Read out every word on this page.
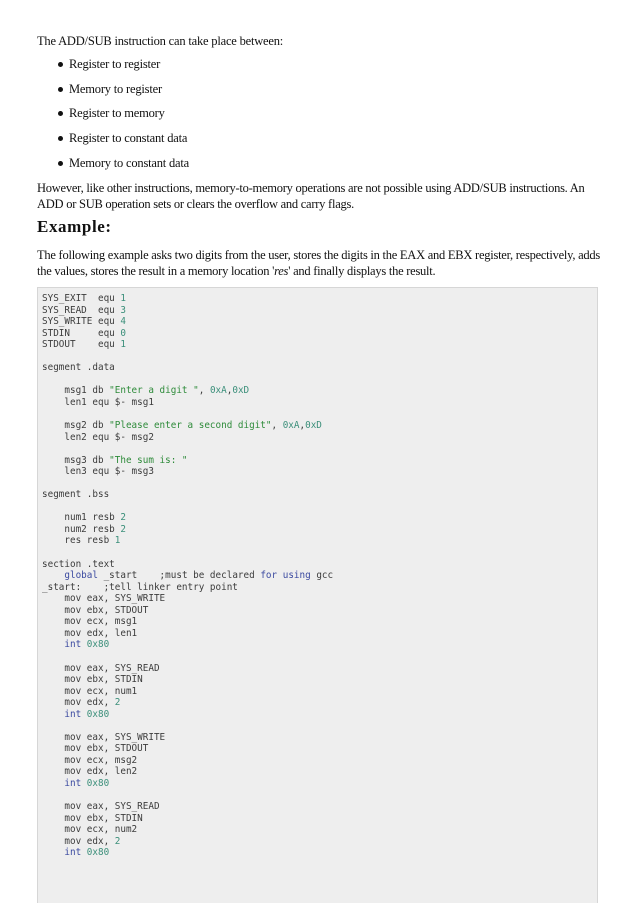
The ADD/SUB instruction can take place between:
Register to register
Memory to register
Register to memory
Register to constant data
Memory to constant data
However, like other instructions, memory-to-memory operations are not possible using ADD/SUB instructions. An ADD or SUB operation sets or clears the overflow and carry flags.
Example:
The following example asks two digits from the user, stores the digits in the EAX and EBX register, respectively, adds the values, stores the result in a memory location 'res' and finally displays the result.
SYS_EXIT  equ 1
SYS_READ  equ 3
SYS_WRITE equ 4
STDIN     equ 0
STDOUT    equ 1

segment .data

msg1 db "Enter a digit ", 0xA,0xD
len1 equ $- msg1

msg2 db "Please enter a second digit", 0xA,0xD
len2 equ $- msg2

msg3 db "The sum is: "
len3 equ $- msg3

segment .bss

num1 resb 2
num2 resb 2
res resb 1

section .text
global _start    ;must be declared for using gcc
_start:    ;tell linker entry point
mov eax, SYS_WRITE
mov ebx, STDOUT
mov ecx, msg1
mov edx, len1
int 0x80

mov eax, SYS_READ
mov ebx, STDIN
mov ecx, num1
mov edx, 2
int 0x80

mov eax, SYS_WRITE
mov ebx, STDOUT
mov ecx, msg2
mov edx, len2
int 0x80

mov eax, SYS_READ
mov ebx, STDIN
mov ecx, num2
mov edx, 2
int 0x80
